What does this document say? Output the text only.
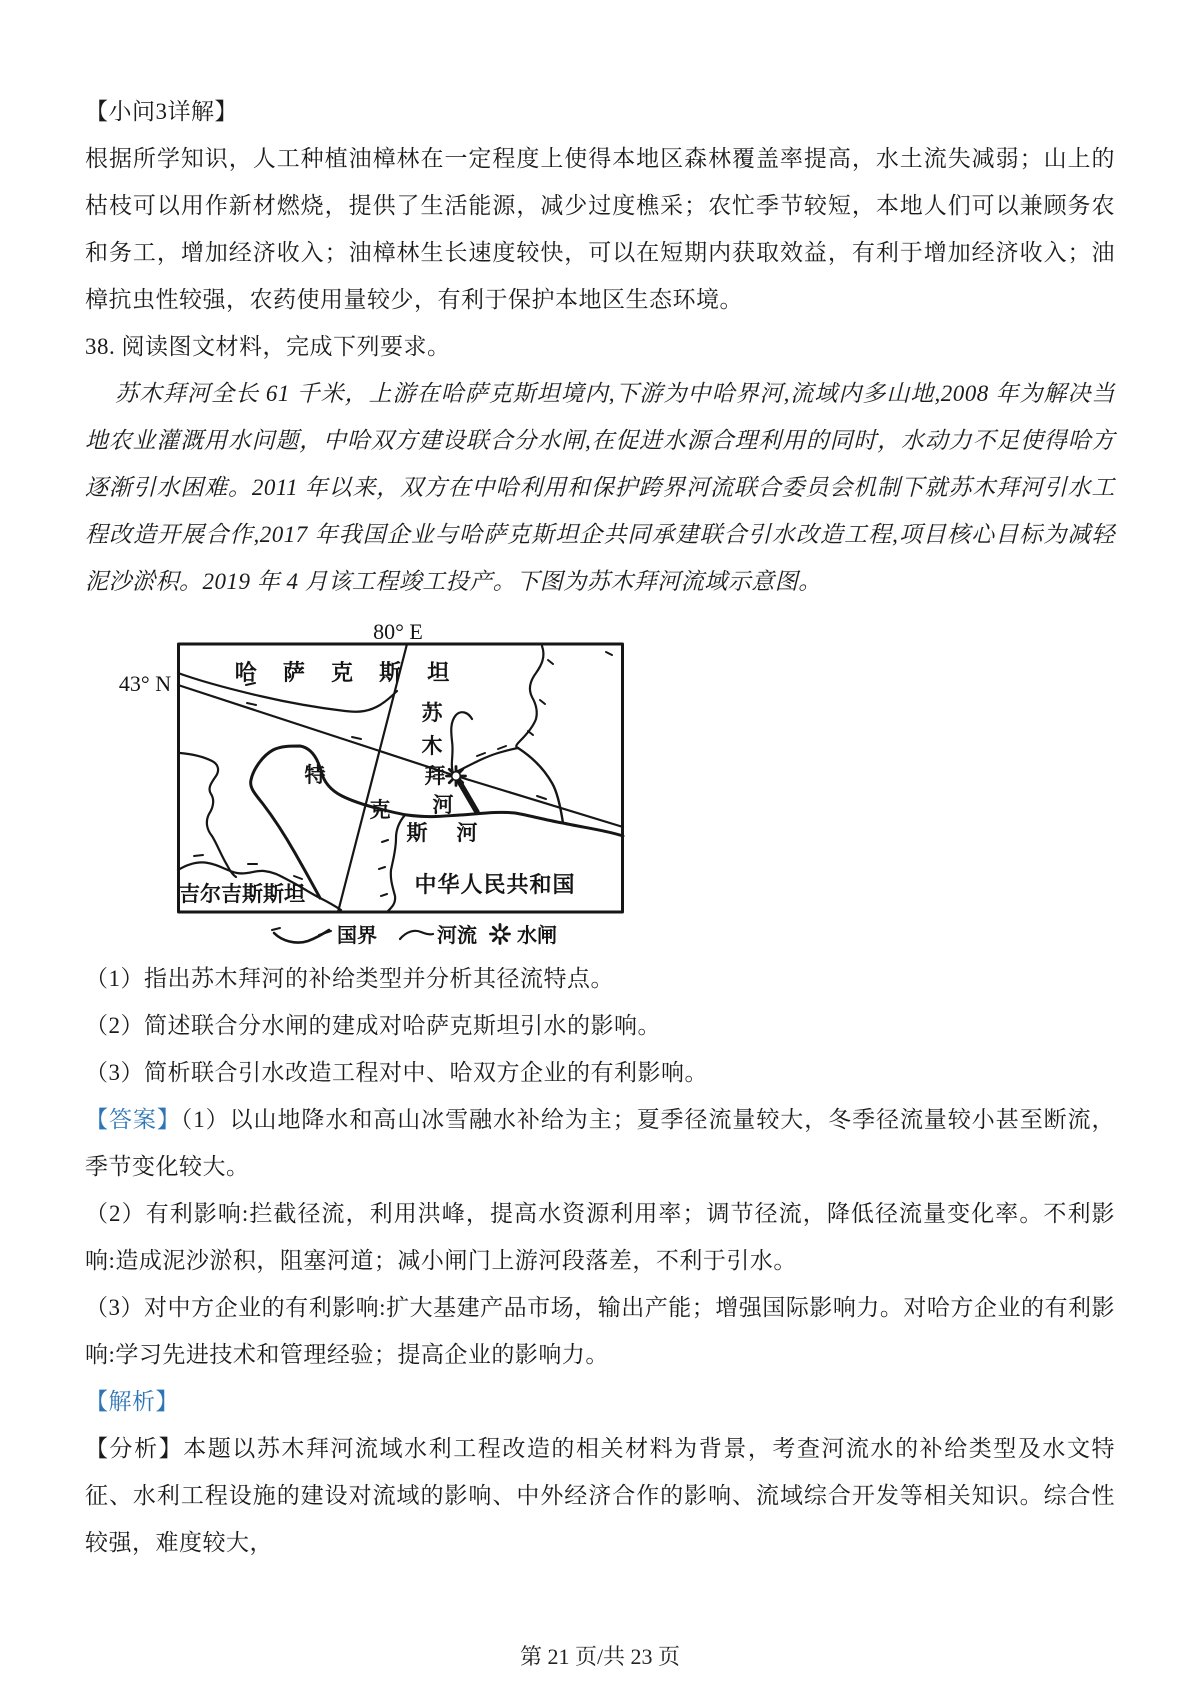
【小问3详解】

根据所学知识，人工种植油樟林在一定程度上使得本地区森林覆盖率提高，水土流失减弱；山上的枯枝可以用作新材燃烧，提供了生活能源，减少过度樵采；农忙季节较短，本地人们可以兼顾务农和务工，增加经济收入；油樟林生长速度较快，可以在短期内获取效益，有利于增加经济收入；油樟抗虫性较强，农药使用量较少，有利于保护本地区生态环境。

38. 阅读图文材料，完成下列要求。

苏木拜河全长 61 千米，上游在哈萨克斯坦境内,下游为中哈界河,流域内多山地,2008 年为解决当地农业灌溉用水问题，中哈双方建设联合分水闸,在促进水源合理利用的同时，水动力不足使得哈方逐渐引水困难。2011 年以来，双方在中哈利用和保护跨界河流联合委员会机制下就苏木拜河引水工程改造开展合作,2017 年我国企业与哈萨克斯坦企共同承建联合引水改造工程,项目核心目标为减轻泥沙淤积。2019 年 4 月该工程竣工投产。下图为苏木拜河流域示意图。

80° E
43° N	哈 萨 克 斯 坦
中华人民共和国
吉尔吉斯斯坦
苏
木
拜
河
特
克
斯 河
国界	河流 水闸

（1）指出苏木拜河的补给类型并分析其径流特点。

（2）简述联合分水闸的建成对哈萨克斯坦引水的影响。

（3）简析联合引水改造工程对中、哈双方企业的有利影响。

【答案】（1）以山地降水和高山冰雪融水补给为主；夏季径流量较大，冬季径流量较小甚至断流，季节变化较大。

（2）有利影响:拦截径流，利用洪峰，提高水资源利用率；调节径流，降低径流量变化率。不利影响:造成泥沙淤积，阻塞河道；减小闸门上游河段落差，不利于引水。

（3）对中方企业的有利影响:扩大基建产品市场，输出产能；增强国际影响力。对哈方企业的有利影响:学习先进技术和管理经验；提高企业的影响力。

【解析】

【分析】本题以苏木拜河流域水利工程改造的相关材料为背景，考查河流水的补给类型及水文特征、水利工程设施的建设对流域的影响、中外经济合作的影响、流域综合开发等相关知识。综合性较强，难度较大，

第 21 页/共 23 页
